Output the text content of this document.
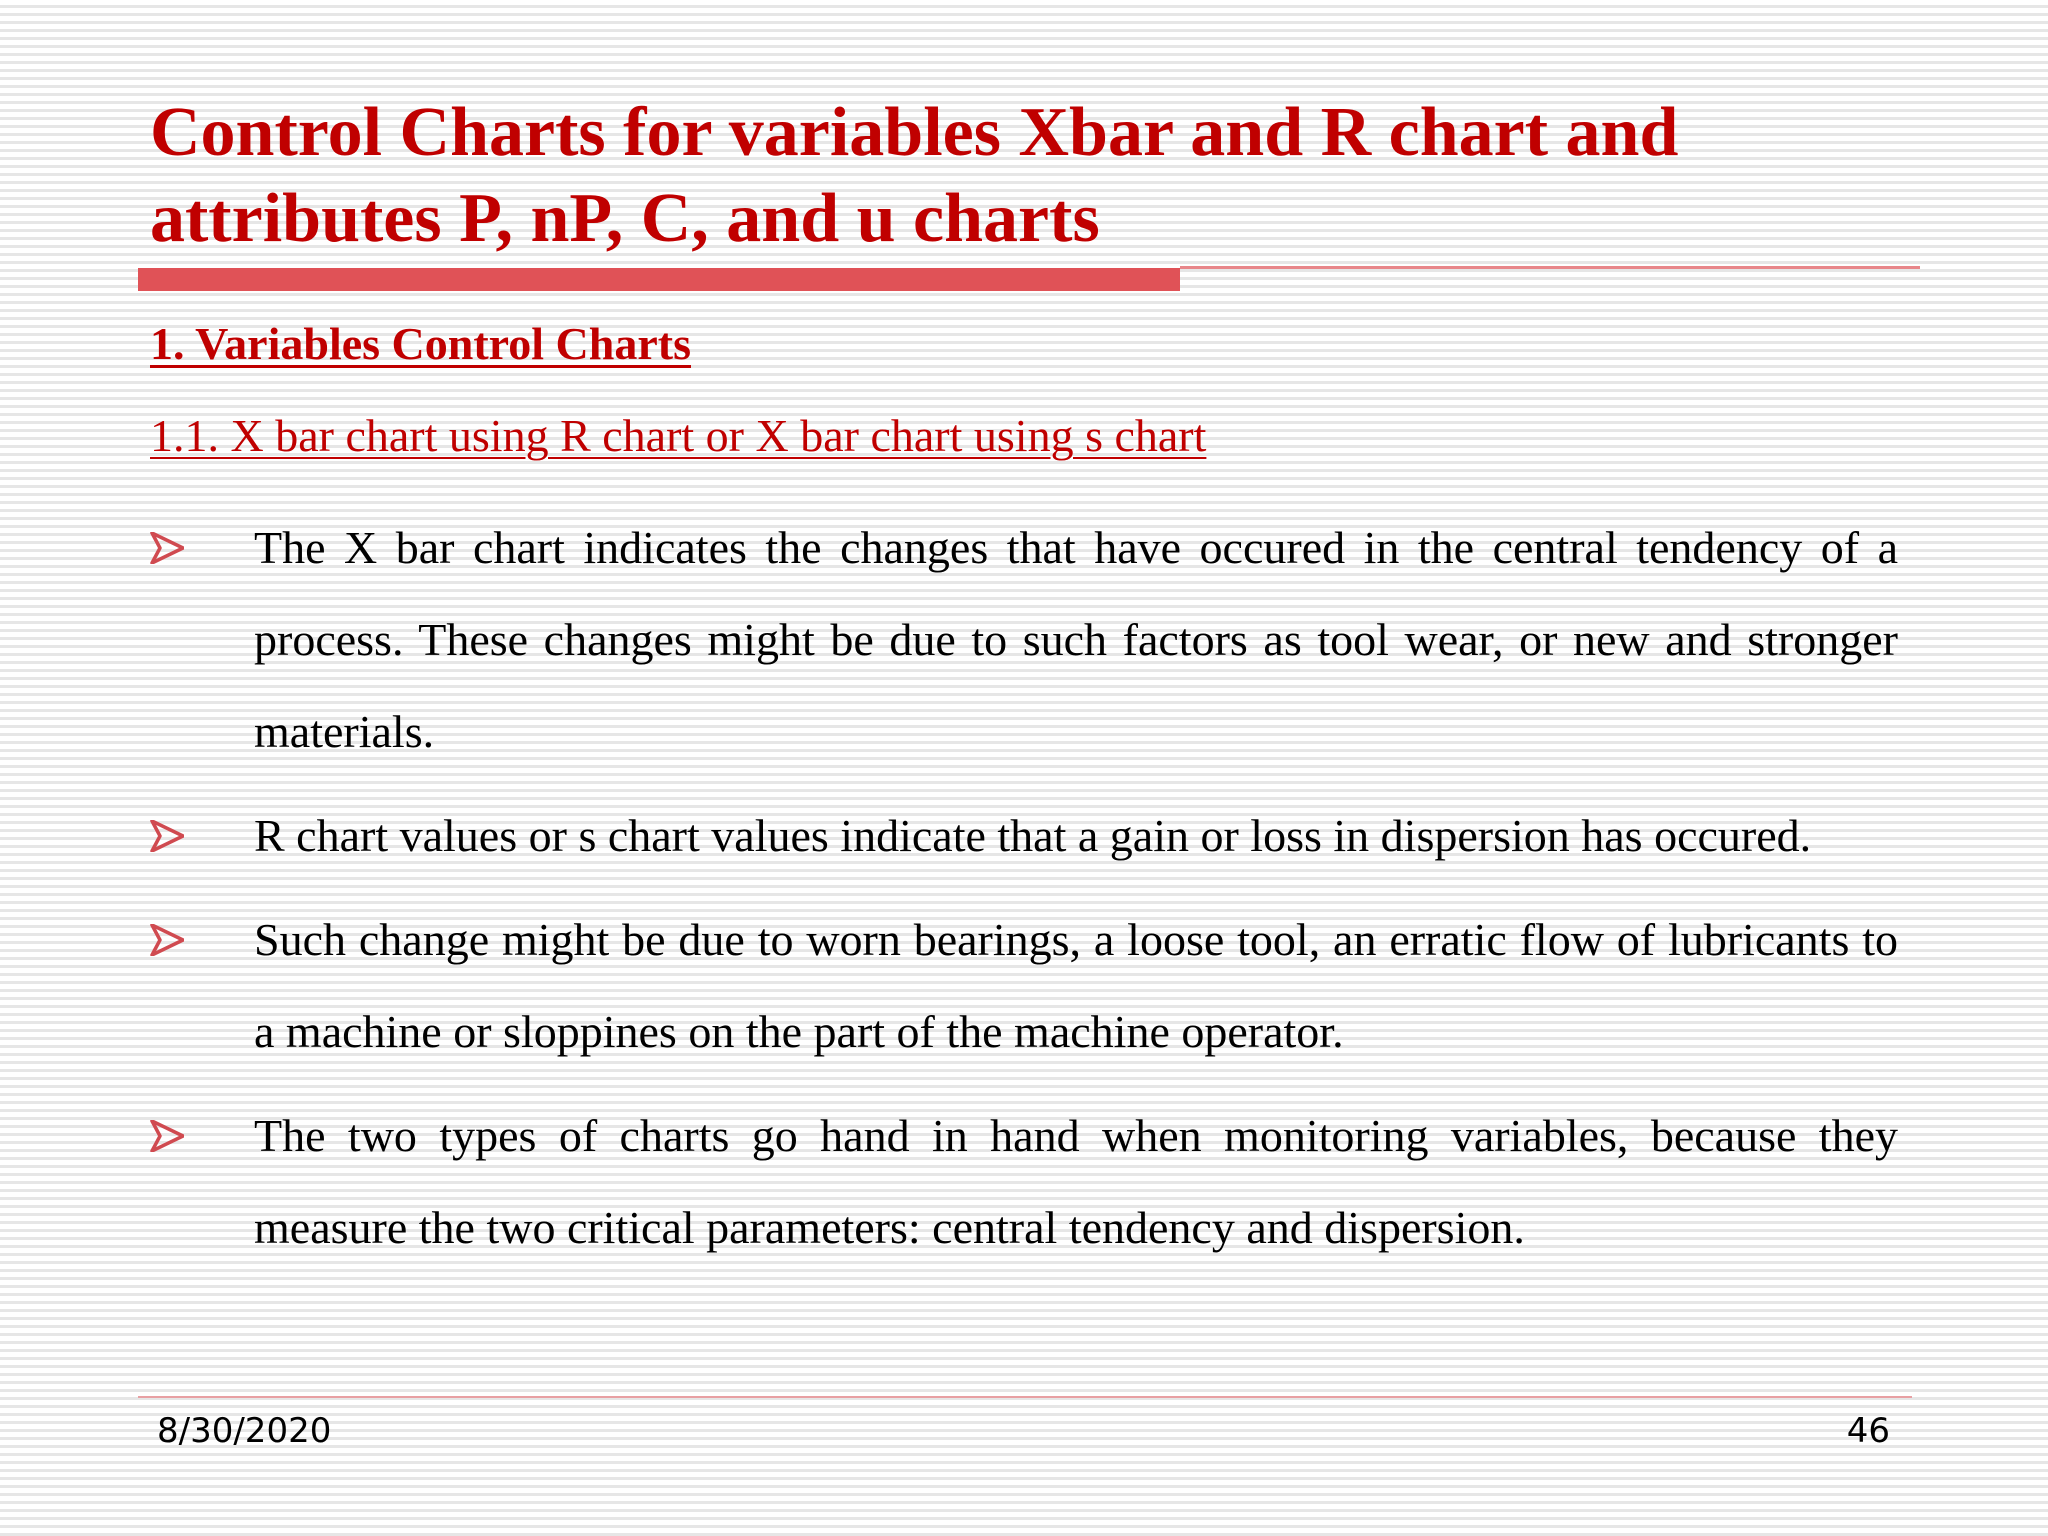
Control Charts for variables Xbar and R chart and attributes P, nP, C, and u charts
1. Variables Control Charts
1.1. X bar chart using R chart or X bar chart using s chart
The X bar chart indicates the changes that have occured in the central tendency of a process. These changes might be due to such factors as tool wear, or new and stronger materials.
R chart values or s chart values indicate that a gain or loss in dispersion has occured.
Such change might be due to worn bearings, a loose tool, an erratic flow of lubricants to a machine or sloppines on the part of the machine operator.
The two types of charts go hand in hand when monitoring variables, because they measure the two critical parameters: central tendency and dispersion.
8/30/2020	46
